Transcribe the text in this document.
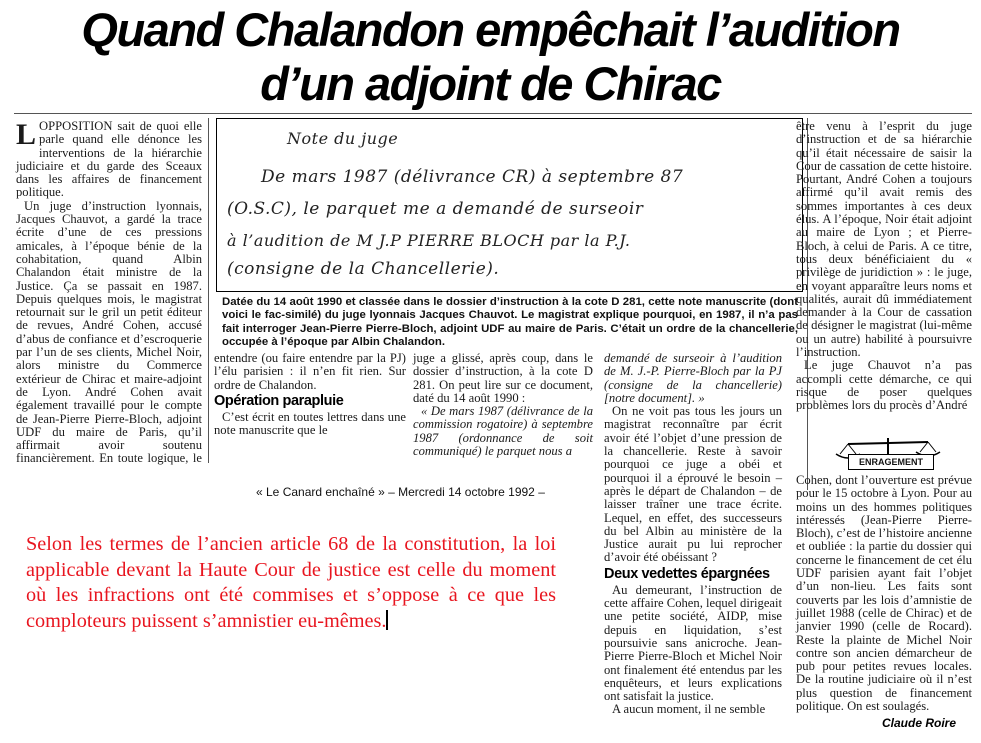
Quand Chalandon empêchait l’audition
d’un adjoint de Chirac

LOPPOSITION sait de quoi elle parle quand elle dénonce les interventions de la hiérarchie judiciaire et du garde des Sceaux dans les affaires de financement politique.

Un juge d’instruction lyonnais, Jacques Chauvot, a gardé la trace écrite d’une de ces pressions amicales, à l’époque bénie de la cohabitation, quand Albin Chalandon était ministre de la Justice. Ça se passait en 1987. Depuis quelques mois, le magistrat retournait sur le gril un petit éditeur de revues, André Cohen, accusé d’abus de confiance et d’escroquerie par l’un de ses clients, Michel Noir, alors ministre du Commerce extérieur de Chirac et maire-adjoint de Lyon. André Cohen avait également travaillé pour le compte de Jean-Pierre Pierre-Bloch, adjoint UDF du maire de Paris, qu’il affirmait avoir soutenu financièrement. En toute logique, le

Note du juge
De mars 1987 (délivrance CR) à septembre 87
(O.S.C), le parquet me a demandé de surseoir
à l’audition de M J.P PIERRE BLOCH par la P.J.
(consigne de la Chancellerie).
Datée du 14 août 1990 et classée dans le dossier d’instruction à la cote D 281, cette note manuscrite (dont voici le fac-similé) du juge lyonnais Jacques Chauvot. Le magistrat explique pourquoi, en 1987, il n’a pas fait interroger Jean-Pierre Pierre-Bloch, adjoint UDF au maire de Paris. C’était un ordre de la chancellerie, occupée à l’époque par Albin Chalandon.

entendre (ou faire entendre par la PJ) l’élu parisien : il n’en fit rien. Sur ordre de Chalandon.

Opération parapluie

C’est écrit en toutes lettres dans une note manuscrite que le

juge a glissé, après coup, dans le dossier d’instruction, à la cote D 281. On peut lire sur ce document, daté du 14 août 1990 :

« De mars 1987 (délivrance de la commission rogatoire) à septembre 1987 (ordonnance de soit communiqué) le parquet nous a

demandé de surseoir à l’audition de M. J.-P. Pierre-Bloch par la PJ (consigne de la chancellerie) [notre document]. »

On ne voit pas tous les jours un magistrat reconnaître par écrit avoir été l’objet d’une pression de la chancellerie. Reste à savoir pourquoi ce juge a obéi et pourquoi il a éprouvé le besoin – après le départ de Chalandon – de laisser traîner une trace écrite. Lequel, en effet, des successeurs du bel Albin au ministère de la Justice aurait pu lui reprocher d’avoir été obéissant ?

Deux vedettes épargnées

Au demeurant, l’instruction de cette affaire Cohen, lequel dirigeait une petite société, AIDP, mise depuis en liquidation, s’est poursuivie sans anicroche. Jean-Pierre Pierre-Bloch et Michel Noir ont finalement été entendus par les enquêteurs, et leurs explications ont satisfait la justice.

A aucun moment, il ne semble

être venu à l’esprit du juge d’instruction et de sa hiérarchie qu’il était nécessaire de saisir la Cour de cassation de cette histoire. Pourtant, André Cohen a toujours affirmé qu’il avait remis des sommes importantes à ces deux élus. A l’époque, Noir était adjoint au maire de Lyon ; et Pierre-Bloch, à celui de Paris. A ce titre, tous deux bénéficiaient du « privilège de juridiction » : le juge, en voyant apparaître leurs noms et qualités, aurait dû immédiatement demander à la Cour de cassation de désigner le magistrat (lui-même ou un autre) habilité à poursuivre l’instruction.

Le juge Chauvot n’a pas accompli cette démarche, ce qui risque de poser quelques problèmes lors du procès d’André

ENRAGEMENT

Cohen, dont l’ouverture est prévue pour le 15 octobre à Lyon. Pour au moins un des hommes politiques intéressés (Jean-Pierre Pierre-Bloch), c’est de l’histoire ancienne et oubliée : la partie du dossier qui concerne le financement de cet élu UDF parisien ayant fait l’objet d’un non-lieu. Les faits sont couverts par les lois d’amnistie de juillet 1988 (celle de Chirac) et de janvier 1990 (celle de Rocard). Reste la plainte de Michel Noir contre son ancien démarcheur de pub pour petites revues locales. De la routine judiciaire où il n’est plus question de financement politique. On est soulagés.

Claude Roire
« Le Canard enchaîné » – Mercredi 14 octobre 1992 –
Selon les termes de l’ancien article 68 de la constitution, la loi applicable devant la Haute Cour de justice est celle du moment où les infractions ont été commises et s’oppose à ce que les comploteurs puissent s’amnistier eu-mêmes.
